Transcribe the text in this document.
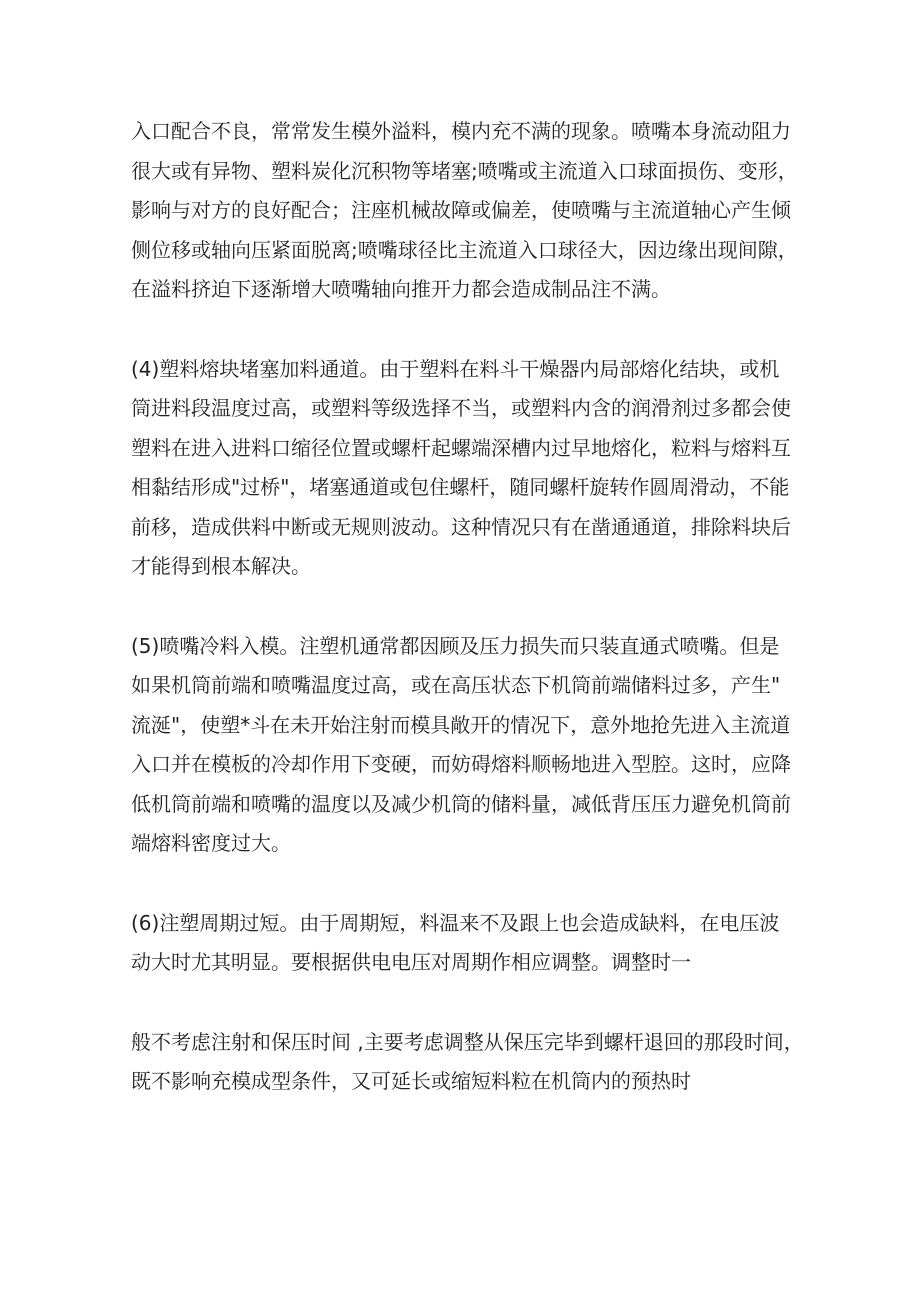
入口配合不良，常常发生模外溢料，模内充不满的现象。喷嘴本身流动阻力
很大或有异物、塑料炭化沉积物等堵塞;喷嘴或主流道入口球面损伤、变形，
影响与对方的良好配合；注座机械故障或偏差，使喷嘴与主流道轴心产生倾
侧位移或轴向压紧面脱离;喷嘴球径比主流道入口球径大，因边缘出现间隙，
在溢料挤迫下逐渐增大喷嘴轴向推开力都会造成制品注不满。
(4)塑料熔块堵塞加料通道。由于塑料在料斗干燥器内局部熔化结块，或机
筒进料段温度过高，或塑料等级选择不当，或塑料内含的润滑剂过多都会使
塑料在进入进料口缩径位置或螺杆起螺端深槽内过早地熔化，粒料与熔料互
相黏结形成"过桥"，堵塞通道或包住螺杆，随同螺杆旋转作圆周滑动，不能
前移，造成供料中断或无规则波动。这种情况只有在凿通通道，排除料块后
才能得到根本解决。
(5)喷嘴冷料入模。注塑机通常都因顾及压力损失而只装直通式喷嘴。但是
如果机筒前端和喷嘴温度过高，或在高压状态下机筒前端储料过多，产生"
流涎"，使塑*斗在未开始注射而模具敞开的情况下，意外地抢先进入主流道
入口并在模板的冷却作用下变硬，而妨碍熔料顺畅地进入型腔。这时，应降
低机筒前端和喷嘴的温度以及减少机筒的储料量，减低背压压力避免机筒前
端熔料密度过大。
(6)注塑周期过短。由于周期短，料温来不及跟上也会造成缺料，在电压波
动大时尤其明显。要根据供电电压对周期作相应调整。调整时一
般不考虑注射和保压时间 ,主要考虑调整从保压完毕到螺杆退回的那段时间，
既不影响充模成型条件，又可延长或缩短料粒在机筒内的预热时
